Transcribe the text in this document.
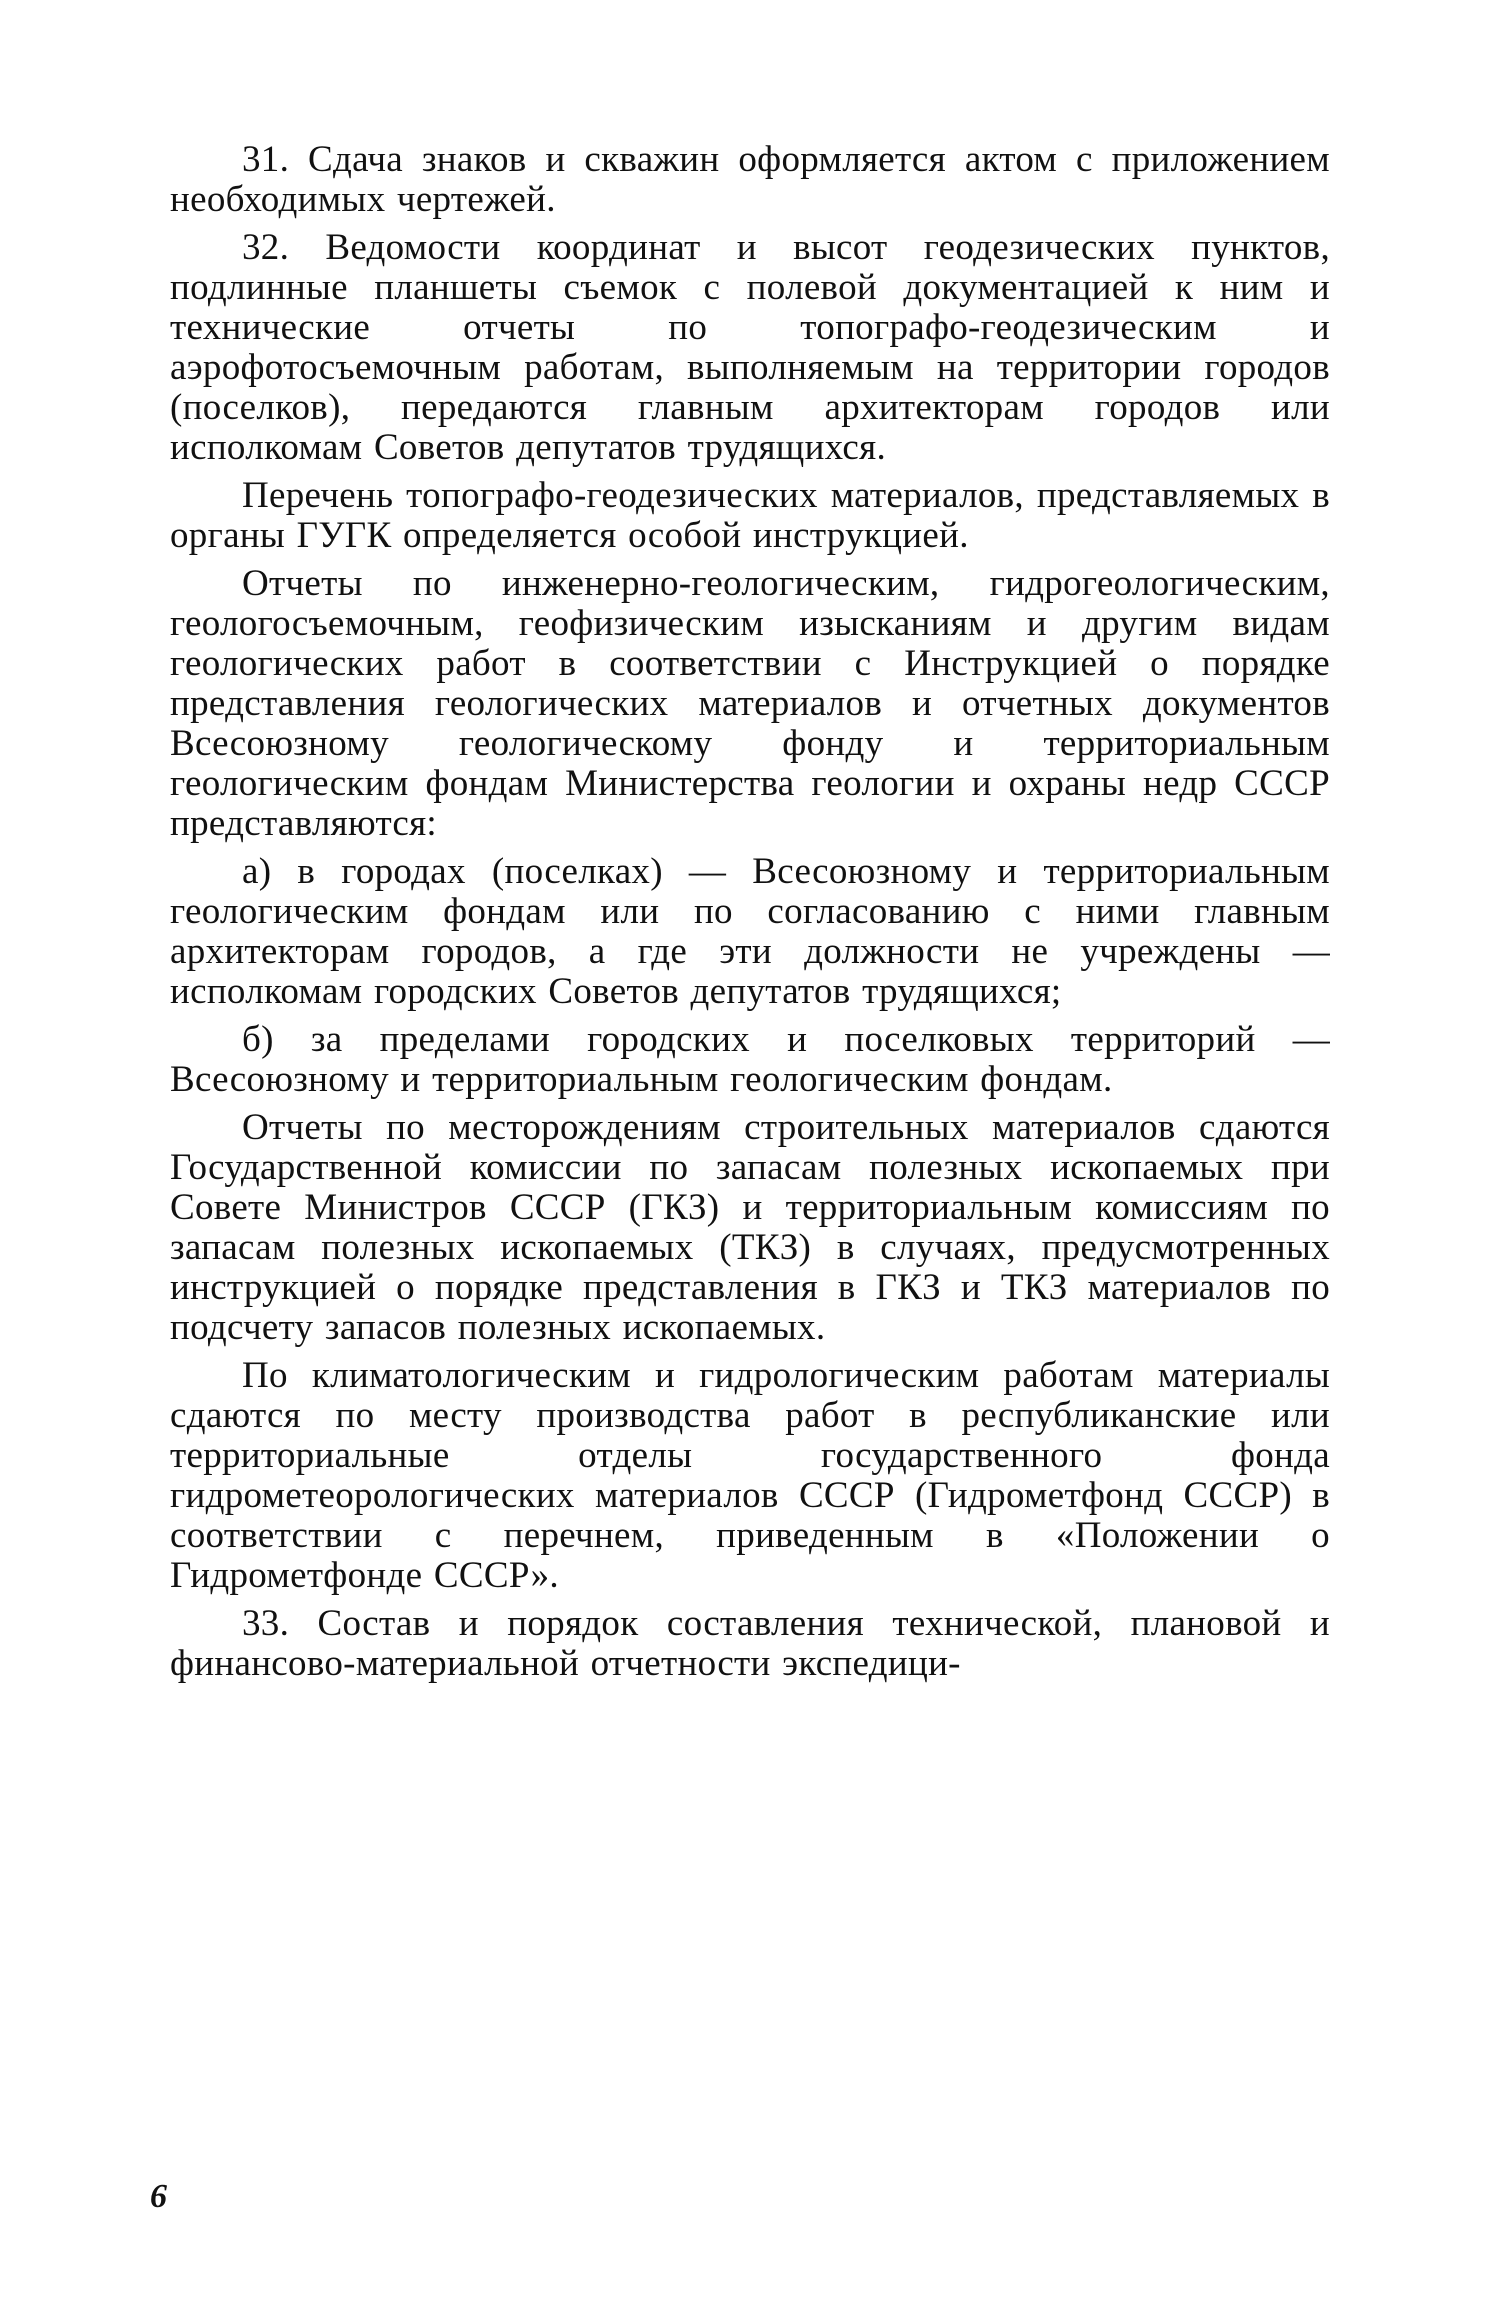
31. Сдача знаков и скважин оформляется актом с приложением необходимых чертежей.

32. Ведомости координат и высот геодезических пунктов, подлинные планшеты съемок с полевой документацией к ним и технические отчеты по топографо-геодезическим и аэрофотосъемочным работам, выполняемым на территории городов (поселков), передаются главным архитекторам городов или исполкомам Советов депутатов трудящихся.

Перечень топографо-геодезических материалов, представляемых в органы ГУГК определяется особой инструкцией.

Отчеты по инженерно-геологическим, гидрогеологическим, геологосъемочным, геофизическим изысканиям и другим видам геологических работ в соответствии с Инструкцией о порядке представления геологических материалов и отчетных документов Всесоюзному геологическому фонду и территориальным геологическим фондам Министерства геологии и охраны недр СССР представляются:

а) в городах (поселках) — Всесоюзному и территориальным геологическим фондам или по согласованию с ними главным архитекторам городов, а где эти должности не учреждены — исполкомам городских Советов депутатов трудящихся;

б) за пределами городских и поселковых территорий — Всесоюзному и территориальным геологическим фондам.

Отчеты по месторождениям строительных материалов сдаются Государственной комиссии по запасам полезных ископаемых при Совете Министров СССР (ГКЗ) и территориальным комиссиям по запасам полезных ископаемых (ТКЗ) в случаях, предусмотренных инструкцией о порядке представления в ГКЗ и ТКЗ материалов по подсчету запасов полезных ископаемых.

По климатологическим и гидрологическим работам материалы сдаются по месту производства работ в республиканские или территориальные отделы государственного фонда гидрометеорологических материалов СССР (Гидрометфонд СССР) в соответствии с перечнем, приведенным в «Положении о Гидрометфонде СССР».

33. Состав и порядок составления технической, плановой и финансово-материальной отчетности экспедици-

6
